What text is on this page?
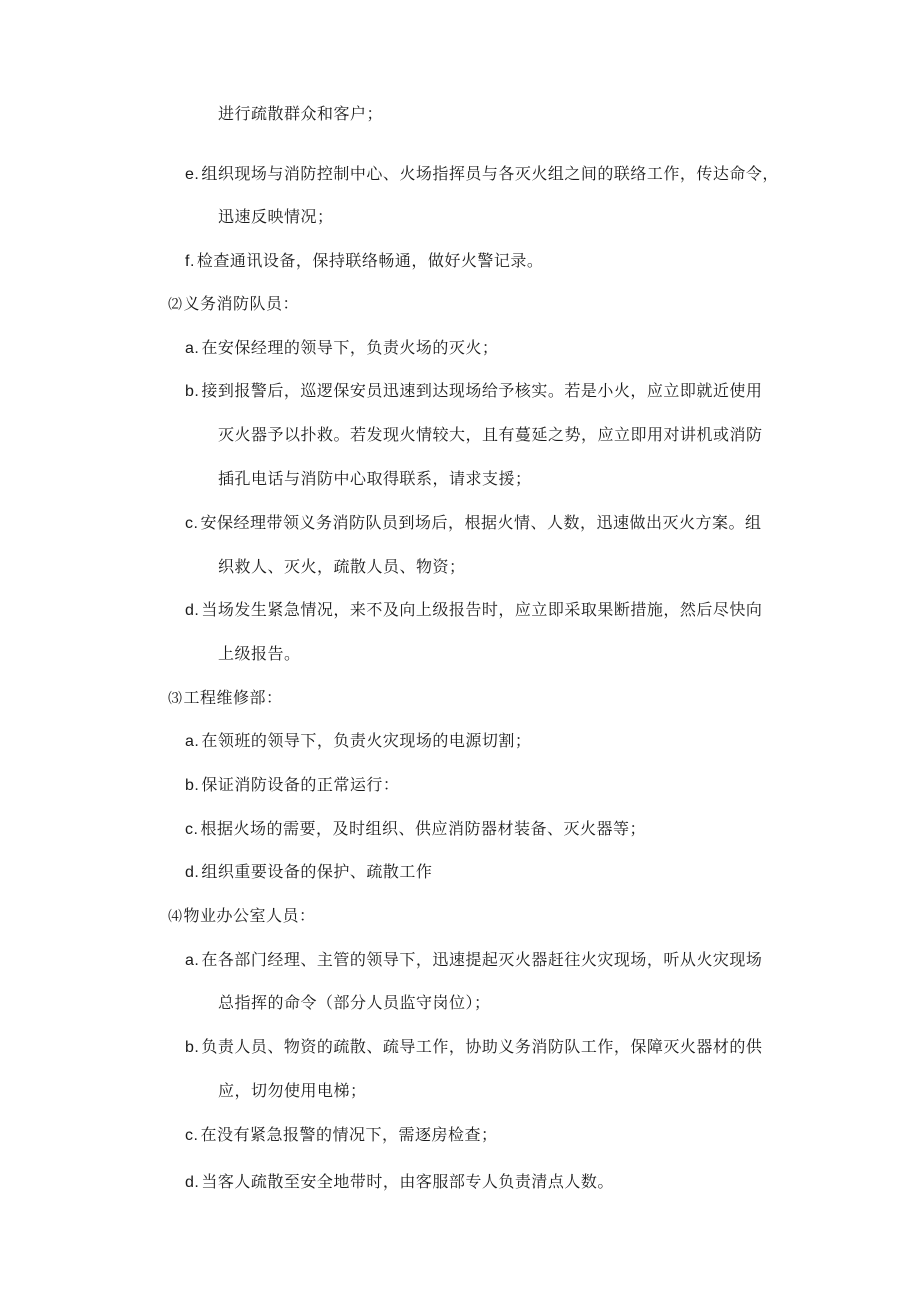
进行疏散群众和客户；
e. 组织现场与消防控制中心、火场指挥员与各灭火组之间的联络工作，传达命令，
迅速反映情况；
f. 检查通讯设备，保持联络畅通，做好火警记录。
⑵义务消防队员：
a. 在安保经理的领导下，负责火场的灭火；
b. 接到报警后，巡逻保安员迅速到达现场给予核实。若是小火，应立即就近使用
灭火器予以扑救。若发现火情较大，且有蔓延之势，应立即用对讲机或消防
插孔电话与消防中心取得联系，请求支援；
c. 安保经理带领义务消防队员到场后，根据火情、人数，迅速做出灭火方案。组
织救人、灭火，疏散人员、物资；
d. 当场发生紧急情况，来不及向上级报告时，应立即采取果断措施，然后尽快向
上级报告。
⑶工程维修部：
a. 在领班的领导下，负责火灾现场的电源切割；
b. 保证消防设备的正常运行：
c. 根据火场的需要，及时组织、供应消防器材装备、灭火器等；
d. 组织重要设备的保护、疏散工作
⑷物业办公室人员：
a. 在各部门经理、主管的领导下，迅速提起灭火器赶往火灾现场，听从火灾现场
总指挥的命令（部分人员监守岗位）；
b. 负责人员、物资的疏散、疏导工作，协助义务消防队工作，保障灭火器材的供
应，切勿使用电梯；
c. 在没有紧急报警的情况下，需逐房检查；
d. 当客人疏散至安全地带时，由客服部专人负责清点人数。
